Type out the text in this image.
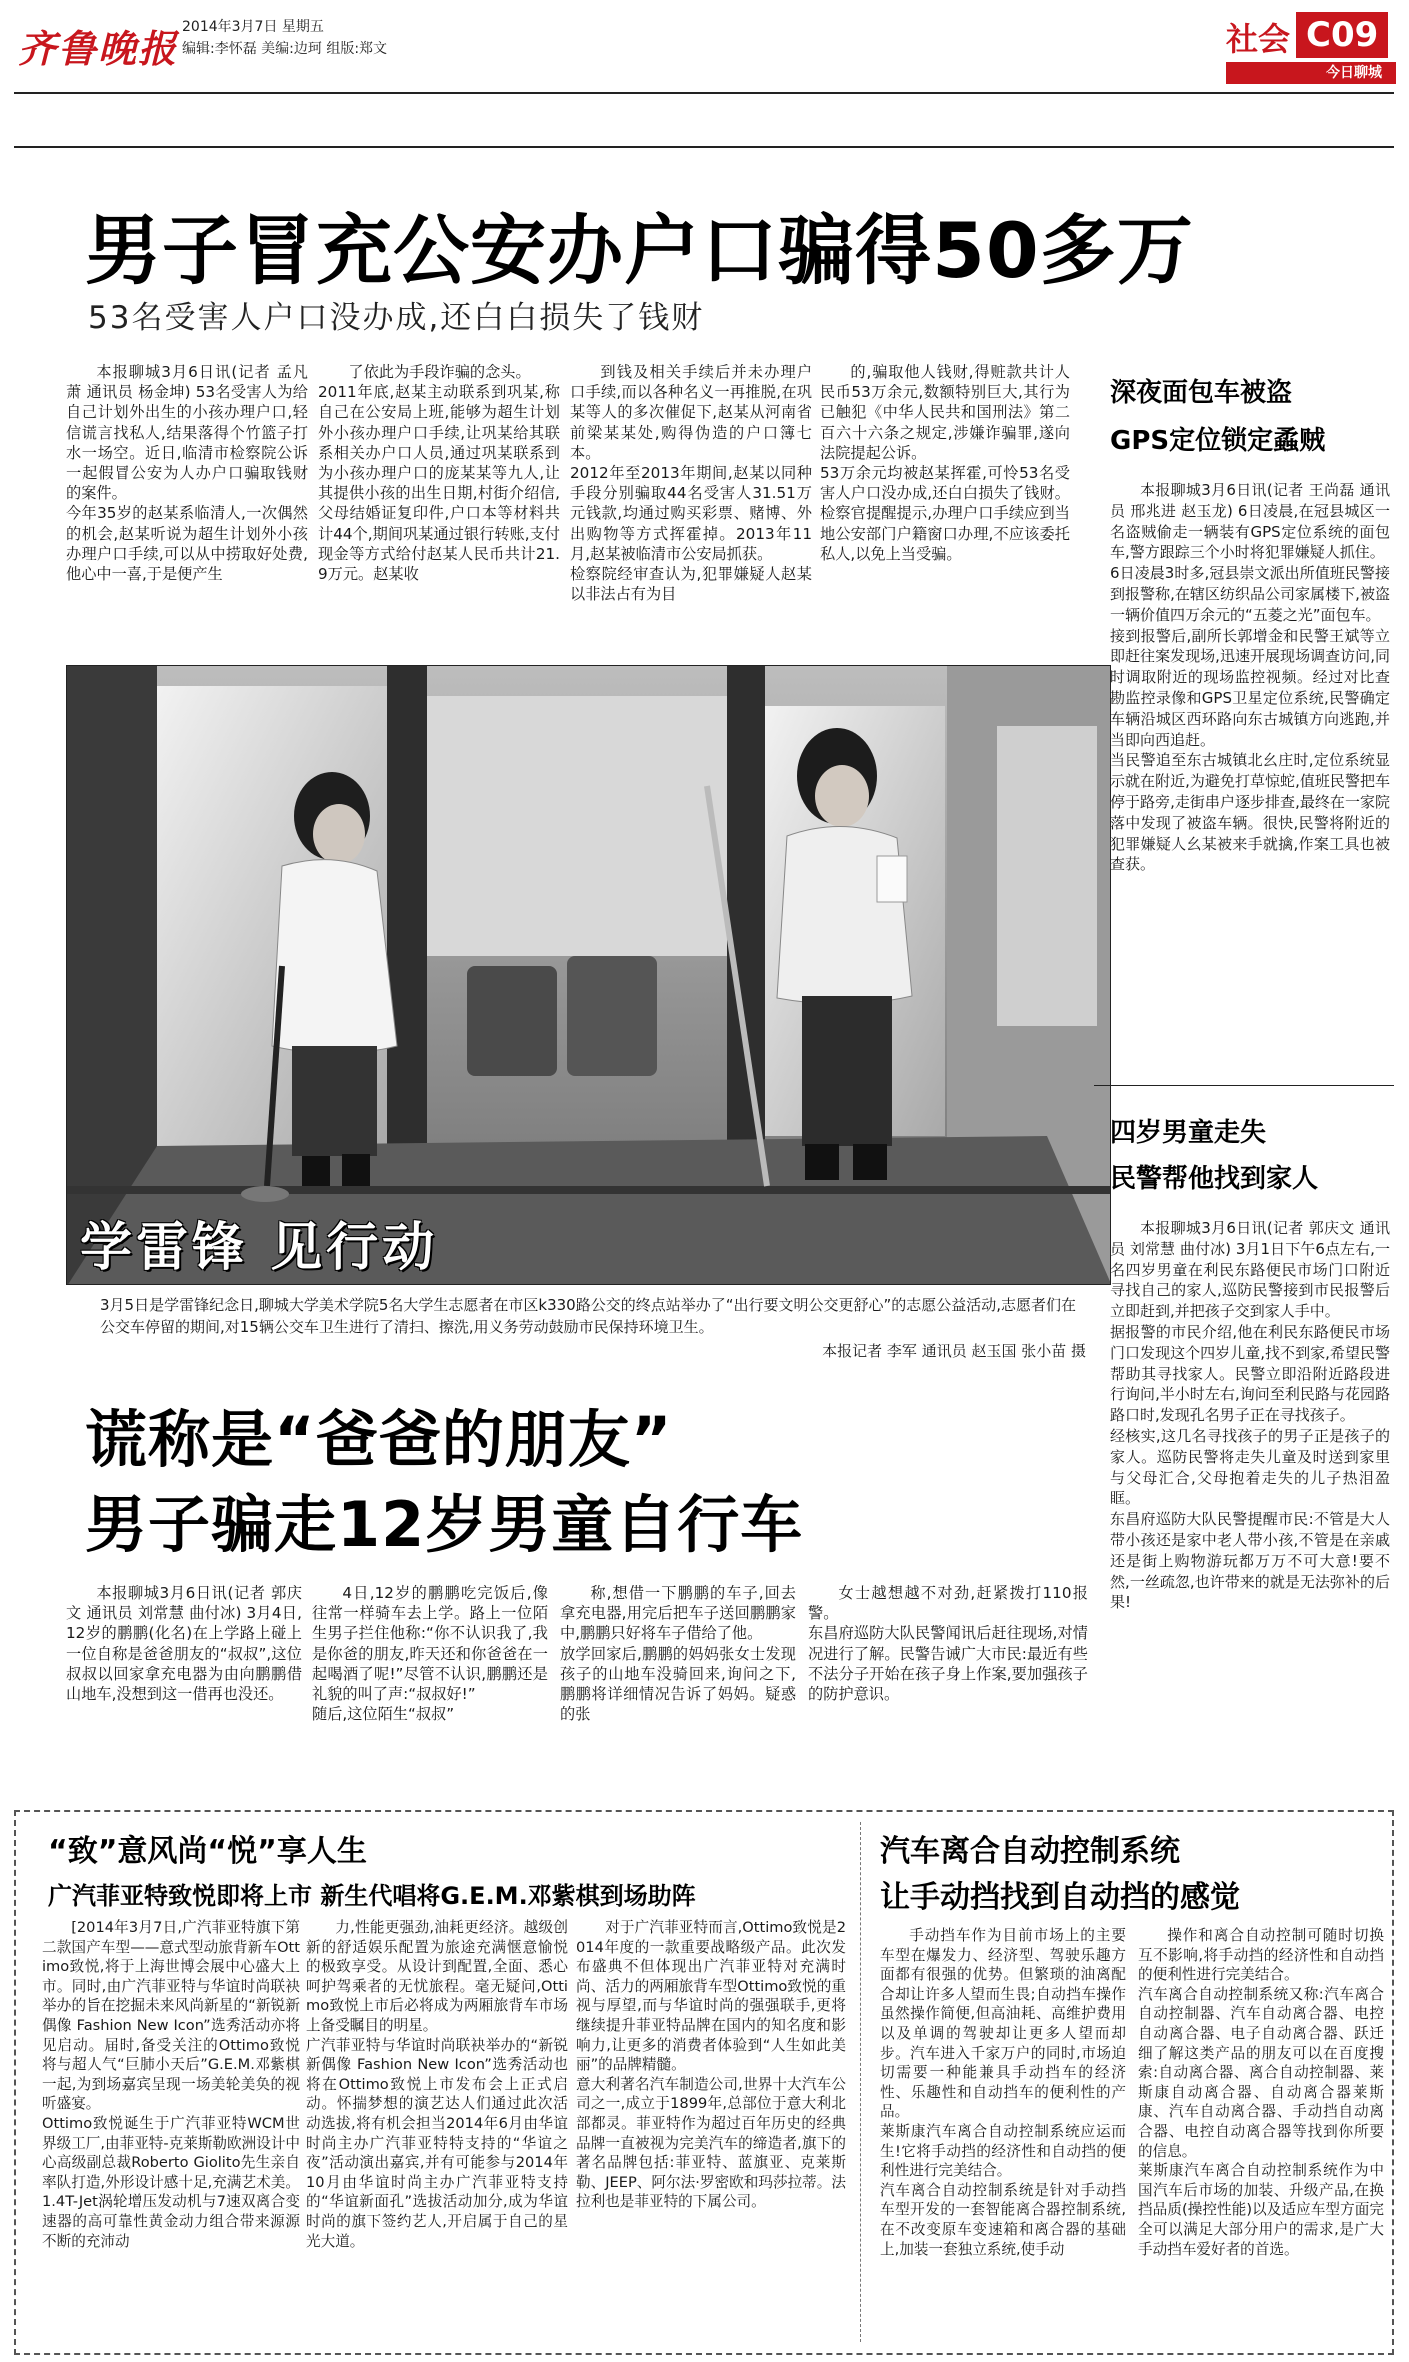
齐鲁晚报 2014年3月7日 星期五
编辑:李怀磊 美编:边珂 组版:郑文	社会 C09
今日聊城
男子冒充公安办户口骗得50多万
53名受害人户口没办成,还白白损失了钱财
本报聊城3月6日讯(记者 孟凡萧 通讯员 杨金坤) 53名受害人为给自己计划外出生的小孩办理户口,轻信谎言找私人,结果落得个竹篮子打水一场空。近日,临清市检察院公诉一起假冒公安为人办户口骗取钱财的案件。
今年35岁的赵某系临清人,一次偶然的机会,赵某听说为超生计划外小孩办理户口手续,可以从中捞取好处费,他心中一喜,于是便产生
了依此为手段诈骗的念头。
2011年底,赵某主动联系到巩某,称自己在公安局上班,能够为超生计划外小孩办理户口手续,让巩某给其联系相关办户口人员,通过巩某联系到为小孩办理户口的庞某某等九人,让其提供小孩的出生日期,村街介绍信,父母结婚证复印件,户口本等材料共计44个,期间巩某通过银行转账,支付现金等方式给付赵某人民币共计21.9万元。赵某收
到钱及相关手续后并未办理户口手续,而以各种名义一再推脱,在巩某等人的多次催促下,赵某从河南省前梁某某处,购得伪造的户口簿七本。
2012年至2013年期间,赵某以同种手段分别骗取44名受害人31.51万元钱款,均通过购买彩票、赌博、外出购物等方式挥霍掉。2013年11月,赵某被临清市公安局抓获。
检察院经审查认为,犯罪嫌疑人赵某以非法占有为目
的,骗取他人钱财,得赃款共计人民币53万余元,数额特别巨大,其行为已触犯《中华人民共和国刑法》第二百六十六条之规定,涉嫌诈骗罪,遂向法院提起公诉。
53万余元均被赵某挥霍,可怜53名受害人户口没办成,还白白损失了钱财。检察官提醒提示,办理户口手续应到当地公安部门户籍窗口办理,不应该委托私人,以免上当受骗。
学雷锋 见行动
3月5日是学雷锋纪念日,聊城大学美术学院5名大学生志愿者在市区k330路公交的终点站举办了“出行要文明公交更舒心”的志愿公益活动,志愿者们在公交车停留的期间,对15辆公交车卫生进行了清扫、擦洗,用义务劳动鼓励市民保持环境卫生。
本报记者 李军 通讯员 赵玉国 张小苗 摄
深夜面包车被盗
GPS定位锁定蟊贼
本报聊城3月6日讯(记者 王尚磊 通讯员 邢兆进 赵玉龙) 6日凌晨,在冠县城区一名盗贼偷走一辆装有GPS定位系统的面包车,警方跟踪三个小时将犯罪嫌疑人抓住。
6日凌晨3时多,冠县崇文派出所值班民警接到报警称,在辖区纺织品公司家属楼下,被盗一辆价值四万余元的“五菱之光”面包车。
接到报警后,副所长郭增金和民警王斌等立即赶往案发现场,迅速开展现场调查访问,同时调取附近的现场监控视频。经过对比查勘监控录像和GPS卫星定位系统,民警确定车辆沿城区西环路向东古城镇方向逃跑,并当即向西追赶。
当民警追至东古城镇北幺庄时,定位系统显示就在附近,为避免打草惊蛇,值班民警把车停于路旁,走街串户逐步排查,最终在一家院落中发现了被盗车辆。很快,民警将附近的犯罪嫌疑人幺某被来手就擒,作案工具也被查获。
四岁男童走失
民警帮他找到家人
本报聊城3月6日讯(记者 郭庆文 通讯员 刘常慧 曲付冰) 3月1日下午6点左右,一名四岁男童在利民东路便民市场门口附近寻找自己的家人,巡防民警接到市民报警后立即赶到,并把孩子交到家人手中。
据报警的市民介绍,他在利民东路便民市场门口发现这个四岁儿童,找不到家,希望民警帮助其寻找家人。民警立即沿附近路段进行询问,半小时左右,询问至利民路与花园路路口时,发现孔名男子正在寻找孩子。
经核实,这几名寻找孩子的男子正是孩子的家人。巡防民警将走失儿童及时送到家里与父母汇合,父母抱着走失的儿子热泪盈眶。
东昌府巡防大队民警提醒市民:不管是大人带小孩还是家中老人带小孩,不管是在亲戚还是街上购物游玩都万万不可大意!要不然,一丝疏忽,也许带来的就是无法弥补的后果!
谎称是“爸爸的朋友”
男子骗走12岁男童自行车
本报聊城3月6日讯(记者 郭庆文 通讯员 刘常慧 曲付冰) 3月4日,12岁的鹏鹏(化名)在上学路上碰上一位自称是爸爸朋友的“叔叔”,这位叔叔以回家拿充电器为由向鹏鹏借山地车,没想到这一借再也没还。
4日,12岁的鹏鹏吃完饭后,像往常一样骑车去上学。路上一位陌生男子拦住他称:“你不认识我了,我是你爸的朋友,昨天还和你爸爸在一起喝酒了呢!”尽管不认识,鹏鹏还是礼貌的叫了声:“叔叔好!”
随后,这位陌生“叔叔”
称,想借一下鹏鹏的车子,回去拿充电器,用完后把车子送回鹏鹏家中,鹏鹏只好将车子借给了他。
放学回家后,鹏鹏的妈妈张女士发现孩子的山地车没骑回来,询问之下,鹏鹏将详细情况告诉了妈妈。疑惑的张
女士越想越不对劲,赶紧拨打110报警。
东昌府巡防大队民警闻讯后赶往现场,对情况进行了解。民警告诫广大市民:最近有些不法分子开始在孩子身上作案,要加强孩子的防护意识。
“致”意风尚“悦”享人生
广汽菲亚特致悦即将上市 新生代唱将G.E.M.邓紫棋到场助阵
[2014年3月7日,广汽菲亚特旗下第二款国产车型——意式型动旅背新车Ottimo致悦,将于上海世博会展中心盛大上市。同时,由广汽菲亚特与华谊时尚联袂举办的旨在挖掘未来风尚新星的“新锐新偶像 Fashion New Icon”选秀活动亦将见启动。届时,备受关注的Ottimo致悦将与超人气“巨肺小天后”G.E.M.邓紫棋一起,为到场嘉宾呈现一场美轮美奂的视听盛宴。
Ottimo致悦诞生于广汽菲亚特WCM世界级工厂,由菲亚特-克莱斯勒欧洲设计中心高级副总裁Roberto Giolito先生亲自率队打造,外形设计感十足,充满艺术美。1.4T-Jet涡轮增压发动机与7速双离合变速器的高可靠性黄金动力组合带来源源不断的充沛动
力,性能更强劲,油耗更经济。越级创新的舒适娱乐配置为旅途充满惬意愉悦的极致享受。从设计到配置,全面、悉心呵护驾乘者的无忧旅程。毫无疑问,Ottimo致悦上市后必将成为两厢旅背车市场上备受瞩目的明星。
广汽菲亚特与华谊时尚联袂举办的“新锐新偶像 Fashion New Icon”选秀活动也将在Ottimo致悦上市发布会上正式启动。怀揣梦想的演艺达人们通过此次活动选拔,将有机会担当2014年6月由华谊时尚主办广汽菲亚特特支持的“华谊之夜”活动演出嘉宾,并有可能参与2014年10月由华谊时尚主办广汽菲亚特支持的“华谊新面孔”选拔活动加分,成为华谊时尚的旗下签约艺人,开启属于自己的星光大道。
对于广汽菲亚特而言,Ottimo致悦是2014年度的一款重要战略级产品。此次发布盛典不但体现出广汽菲亚特对充满时尚、活力的两厢旅背车型Ottimo致悦的重视与厚望,而与华谊时尚的强强联手,更将继续提升菲亚特品牌在国内的知名度和影响力,让更多的消费者体验到“人生如此美丽”的品牌精髓。
意大利著名汽车制造公司,世界十大汽车公司之一,成立于1899年,总部位于意大利北部都灵。菲亚特作为超过百年历史的经典品牌一直被视为完美汽车的缔造者,旗下的著名品牌包括:菲亚特、蓝旗亚、克莱斯勒、JEEP、阿尔法·罗密欧和玛莎拉蒂。法拉利也是菲亚特的下属公司。
汽车离合自动控制系统
让手动挡找到自动挡的感觉
手动挡车作为目前市场上的主要车型在爆发力、经济型、驾驶乐趣方面都有很强的优势。但繁琐的油离配合却让许多人望而生畏;自动挡车操作虽然操作简便,但高油耗、高维护费用以及单调的驾驶却让更多人望而却步。汽车进入千家万户的同时,市场迫切需要一种能兼具手动挡车的经济性、乐趣性和自动挡车的便利性的产品。
莱斯康汽车离合自动控制系统应运而生!它将手动挡的经济性和自动挡的便利性进行完美结合。
汽车离合自动控制系统是针对手动挡车型开发的一套智能离合器控制系统,在不改变原车变速箱和离合器的基础上,加装一套独立系统,使手动
操作和离合自动控制可随时切换互不影响,将手动挡的经济性和自动挡的便利性进行完美结合。
汽车离合自动控制系统又称:汽车离合自动控制器、汽车自动离合器、电控自动离合器、电子自动离合器、跃迁细了解这类产品的朋友可以在百度搜索:自动离合器、离合自动控制器、莱斯康自动离合器、自动离合器莱斯康、汽车自动离合器、手动挡自动离合器、电控自动离合器等找到你所要的信息。
莱斯康汽车离合自动控制系统作为中国汽车后市场的加装、升级产品,在换挡品质(操控性能)以及适应车型方面完全可以满足大部分用户的需求,是广大手动挡车爱好者的首选。
